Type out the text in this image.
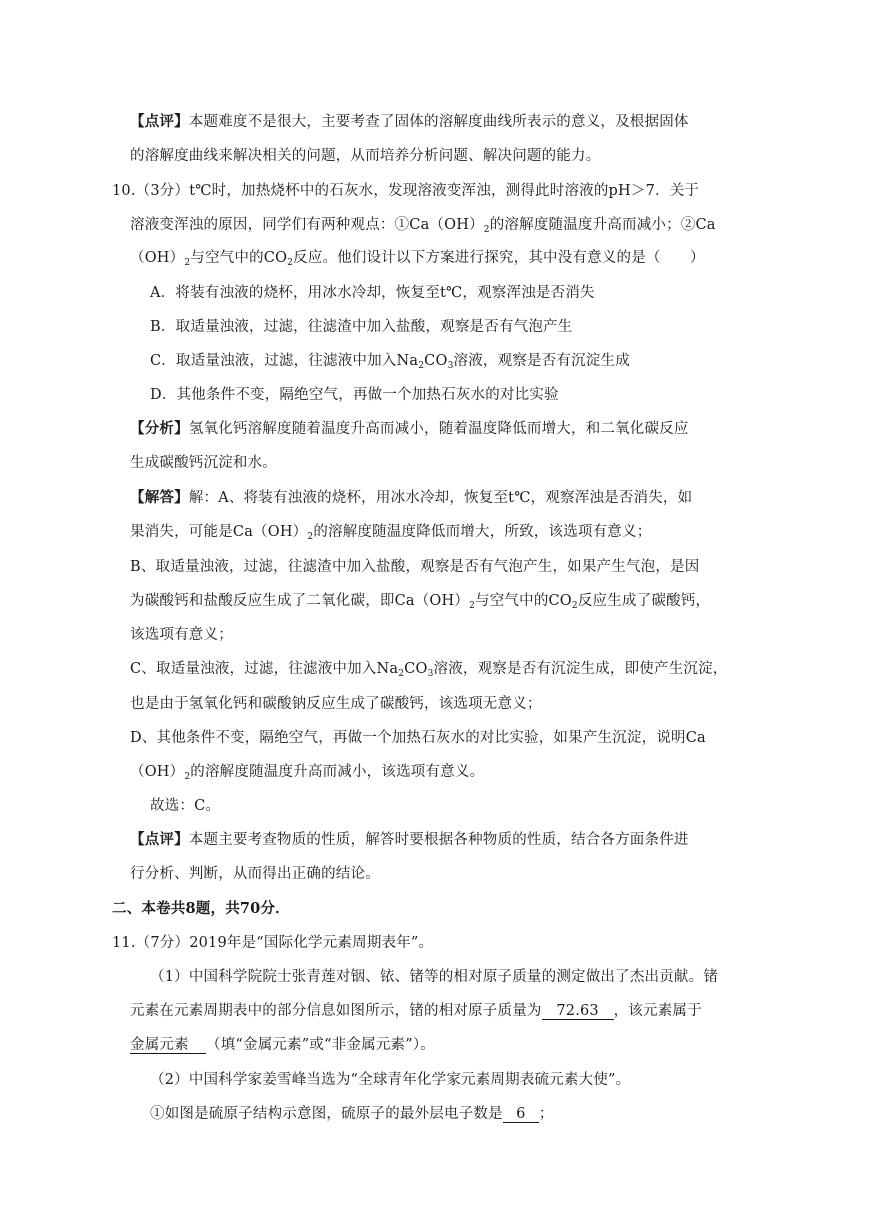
【点评】本题难度不是很大，主要考查了固体的溶解度曲线所表示的意义，及根据固体
的溶解度曲线来解决相关的问题，从而培养分析问题、解决问题的能力。
10.（3分）t℃时，加热烧杯中的石灰水，发现溶液变浑浊，测得此时溶液的pH＞7．关于
溶液变浑浊的原因，同学们有两种观点：$①Ca(OH)_2$的溶解度随温度升高而减小；②Ca
$(OH)_2$与空气中的$CO_2$反应。他们设计以下方案进行探究，其中没有意义的是（　　）
A．将装有浊液的烧杯，用冰水冷却，恢复至t℃，观察浑浊是否消失
B．取适量浊液，过滤，往滤渣中加入盐酸，观察是否有气泡产生
C．取适量浊液，过滤，往滤液中加入$Na_2CO_3$溶液，观察是否有沉淀生成
D．其他条件不变，隔绝空气，再做一个加热石灰水的对比实验
【分析】氢氧化钙溶解度随着温度升高而减小，随着温度降低而增大，和二氧化碳反应
生成碳酸钙沉淀和水。
【解答】解：A、将装有浊液的烧杯，用冰水冷却，恢复至t℃，观察浑浊是否消失，如
果消失，可能是$Ca(OH)_2$的溶解度随温度降低而增大，所致，该选项有意义；
B、取适量浊液，过滤，往滤渣中加入盐酸，观察是否有气泡产生，如果产生气泡，是因
为碳酸钙和盐酸反应生成了二氧化碳，即$Ca(OH)_2$与空气中的$CO_2$反应生成了碳酸钙，
该选项有意义；
C、取适量浊液，过滤，往滤液中加入$Na_2CO_3$溶液，观察是否有沉淀生成，即使产生沉淀，
也是由于氢氧化钙和碳酸钠反应生成了碳酸钙，该选项无意义；
D、其他条件不变，隔绝空气，再做一个加热石灰水的对比实验，如果产生沉淀，说明Ca
$(OH)_2$的溶解度随温度升高而减小，该选项有意义。
故选：C。
【点评】本题主要考查物质的性质，解答时要根据各种物质的性质，结合各方面条件进
行分析、判断，从而得出正确的结论。
二、本卷共8题，共70分．
11.（7分）2019年是“国际化学元素周期表年”。
（1）中国科学院院士张青莲对铟、铱、锗等的相对原子质量的测定做出了杰出贡献。锗
元素在元素周期表中的部分信息如图所示，锗的相对原子质量为 72.63 ，该元素属于
金属元素 （填“金属元素”或“非金属元素”）。
（2）中国科学家姜雪峰当选为“全球青年化学家元素周期表硫元素大使”。
①如图是硫原子结构示意图，硫原子的最外层电子数是 6 ；
